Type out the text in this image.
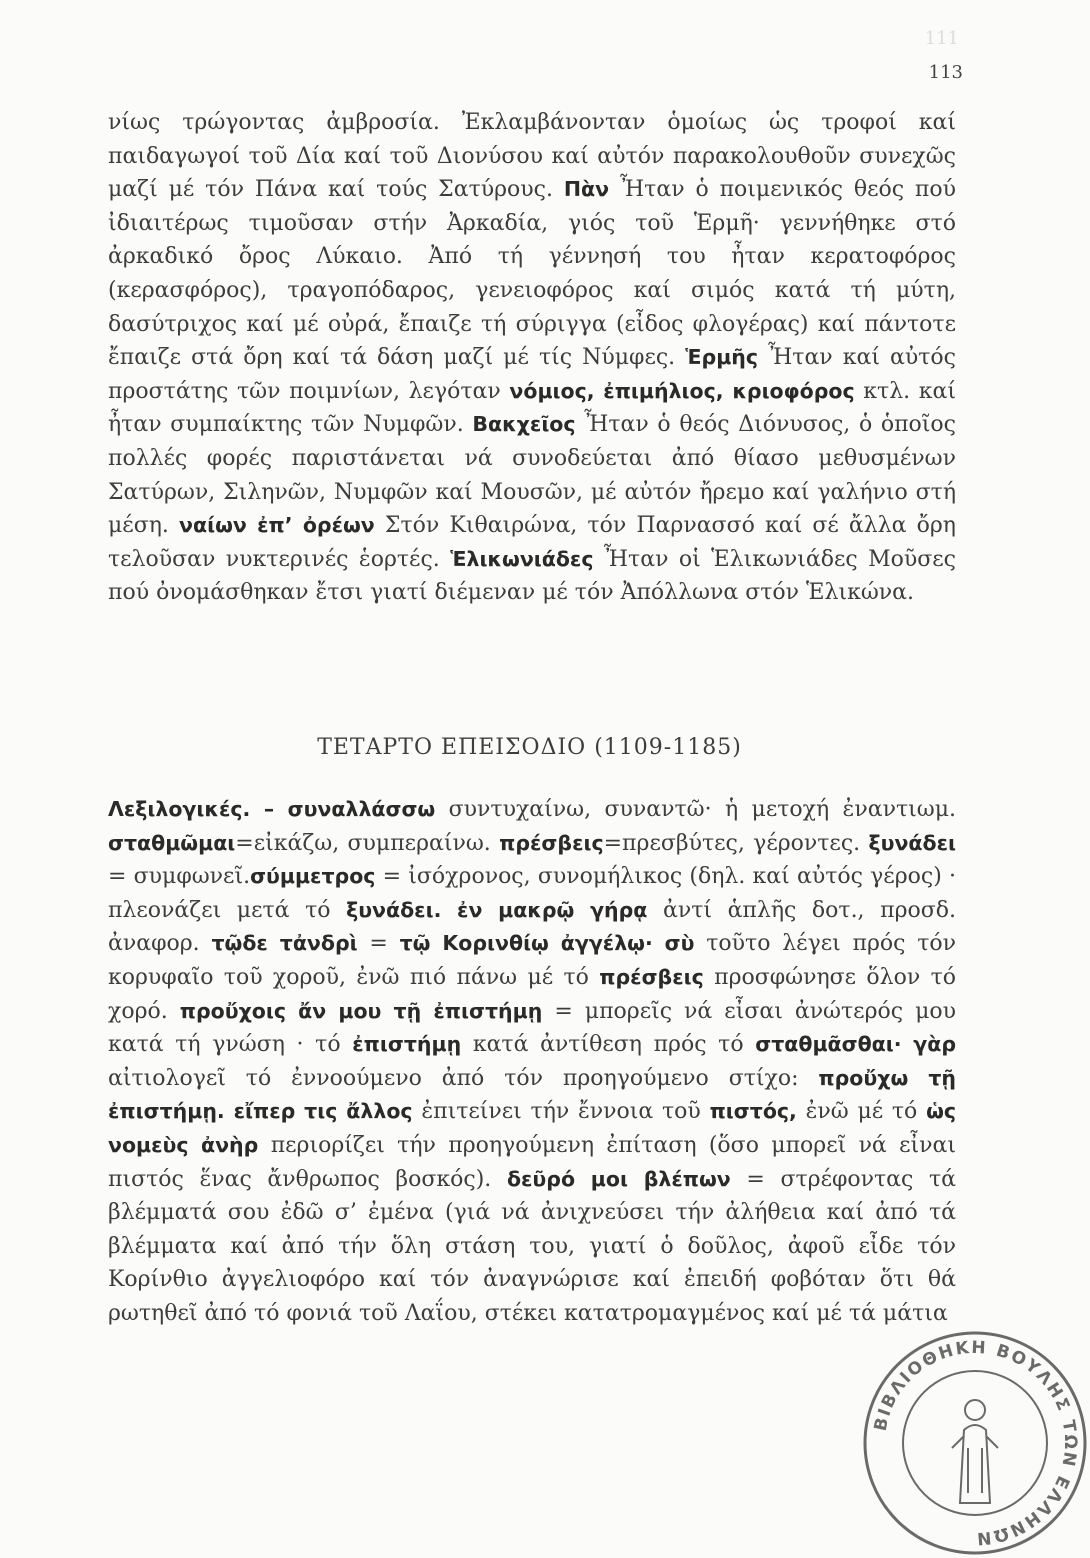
111
113
νίως τρώγοντας ἀμβροσία. Ἐκλαμβάνονταν ὁμοίως ὡς τροφοί καί παιδαγωγοί τοῦ Δία καί τοῦ Διονύσου καί αὐτόν παρακολουθοῦν συνεχῶς μαζί μέ τόν Πάνα καί τούς Σατύρους. Πὰν Ἦταν ὁ ποιμενικός θεός πού ἰδιαιτέρως τιμοῦσαν στήν Ἀρκαδία, γιός τοῦ Ἑρμῆ· γεννήθηκε στό ἀρκαδικό ὄρος Λύκαιο. Ἀπό τή γέννησή του ἦταν κερατοφόρος (κερασφόρος), τραγοπόδαρος, γενειοφόρος καί σιμός κατά τή μύτη, δασύτριχος καί μέ οὐρά, ἔπαιζε τή σύριγγα (εἶδος φλογέρας) καί πάντοτε ἔπαιζε στά ὄρη καί τά δάση μαζί μέ τίς Νύμφες. Ἑρμῆς Ἦταν καί αὐτός προστάτης τῶν ποιμνίων, λεγόταν νόμιος, ἐπιμήλιος, κριοφόρος κτλ. καί ἦταν συμπαίκτης τῶν Νυμφῶν. Βακχεῖος Ἦταν ὁ θεός Διόνυσος, ὁ ὁποῖος πολλές φορές παριστάνεται νά συνοδεύεται ἀπό θίασο μεθυσμένων Σατύρων, Σιληνῶν, Νυμφῶν καί Μουσῶν, μέ αὐτόν ἤρεμο καί γαλήνιο στή μέση. ναίων ἐπ’ ὀρέων Στόν Κιθαιρώνα, τόν Παρνασσό καί σέ ἄλλα ὄρη τελοῦσαν νυκτερινές ἑορτές. Ἑλικωνιάδες Ἦταν οἱ Ἑλικωνιάδες Μοῦσες πού ὀνομάσθηκαν ἔτσι γιατί διέμεναν μέ τόν Ἀπόλλωνα στόν Ἑλικώνα.
ΤΕΤΑΡΤΟ ΕΠΕΙΣΟΔΙΟ (1109-1185)
Λεξιλογικές. – συναλλάσσω συντυχαίνω, συναντῶ· ἡ μετοχή ἐναντιωμ. σταθμῶμαι=εἰκάζω, συμπεραίνω. πρέσβεις=πρεσβύτες, γέροντες. ξυνάδει = συμφωνεῖ.σύμμετρος = ἰσόχρονος, συνομήλικος (δηλ. καί αὐτός γέρος) · πλεονάζει μετά τό ξυνάδει. ἐν μακρῷ γήρᾳ ἀντί ἁπλῆς δοτ., προσδ. ἀναφορ. τῷδε τἀνδρὶ = τῷ Κορινθίῳ ἀγγέλῳ· σὺ τοῦτο λέγει πρός τόν κορυφαῖο τοῦ χοροῦ, ἐνῶ πιό πάνω μέ τό πρέσβεις προσφώνησε ὅλον τό χορό. προὔχοις ἄν μου τῇ ἐπιστήμῃ = μπορεῖς νά εἶσαι ἀνώτερός μου κατά τή γνώση · τό ἐπιστήμῃ κατά ἀντίθεση πρός τό σταθμᾶσθαι· γὰρ αἰτιολογεῖ τό ἐννοούμενο ἀπό τόν προηγούμενο στίχο: προὔχω τῇ ἐπιστήμῃ. εἴπερ τις ἄλλος ἐπιτείνει τήν ἔννοια τοῦ πιστός, ἐνῶ μέ τό ὡς νομεὺς ἀνὴρ περιορίζει τήν προηγούμενη ἐπίταση (ὅσο μπορεῖ νά εἶναι πιστός ἕνας ἄνθρωπος βοσκός). δεῦρό μοι βλέπων = στρέφοντας τά βλέμματά σου ἐδῶ σ’ ἐμένα (γιά νά ἀνιχνεύσει τήν ἀλήθεια καί ἀπό τά βλέμματα καί ἀπό τήν ὅλη στάση του, γιατί ὁ δοῦλος, ἀφοῦ εἶδε τόν Κορίνθιο ἀγγελιοφόρο καί τόν ἀναγνώρισε καί ἐπειδή φοβόταν ὅτι θά ρωτηθεῖ ἀπό τό φονιά τοῦ Λαΐου, στέκει κατατρομαγμένος καί μέ τά μάτια
ΒΙΒΛΙΟΘΗΚΗ ΒΟΥΛΗΣ ΤΩΝ ΕΛΛΗΝΩΝ
